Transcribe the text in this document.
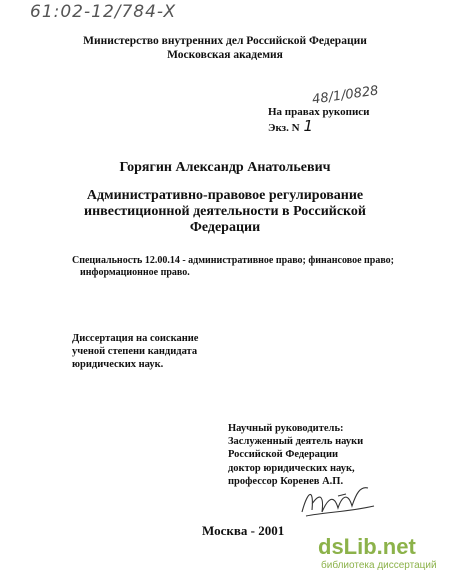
61:02-12/784-X
Министерство внутренних дел Российской Федерации
Московская академия
48/1/0828
На правах рукописи
Экз. N 1
Горягин Александр Анатольевич
Административно-правовое регулирование
инвестиционной деятельности в Российской
Федерации
Специальность 12.00.14 - административное право; финансовое право;
информационное право.
Диссертация на соискание
ученой степени кандидата
юридических наук.
Научный руководитель:
Заслуженный деятель науки
Российской Федерации
доктор юридических наук,
профессор Коренев А.П.
Москва - 2001
dsLib.net
библиотека диссертаций
